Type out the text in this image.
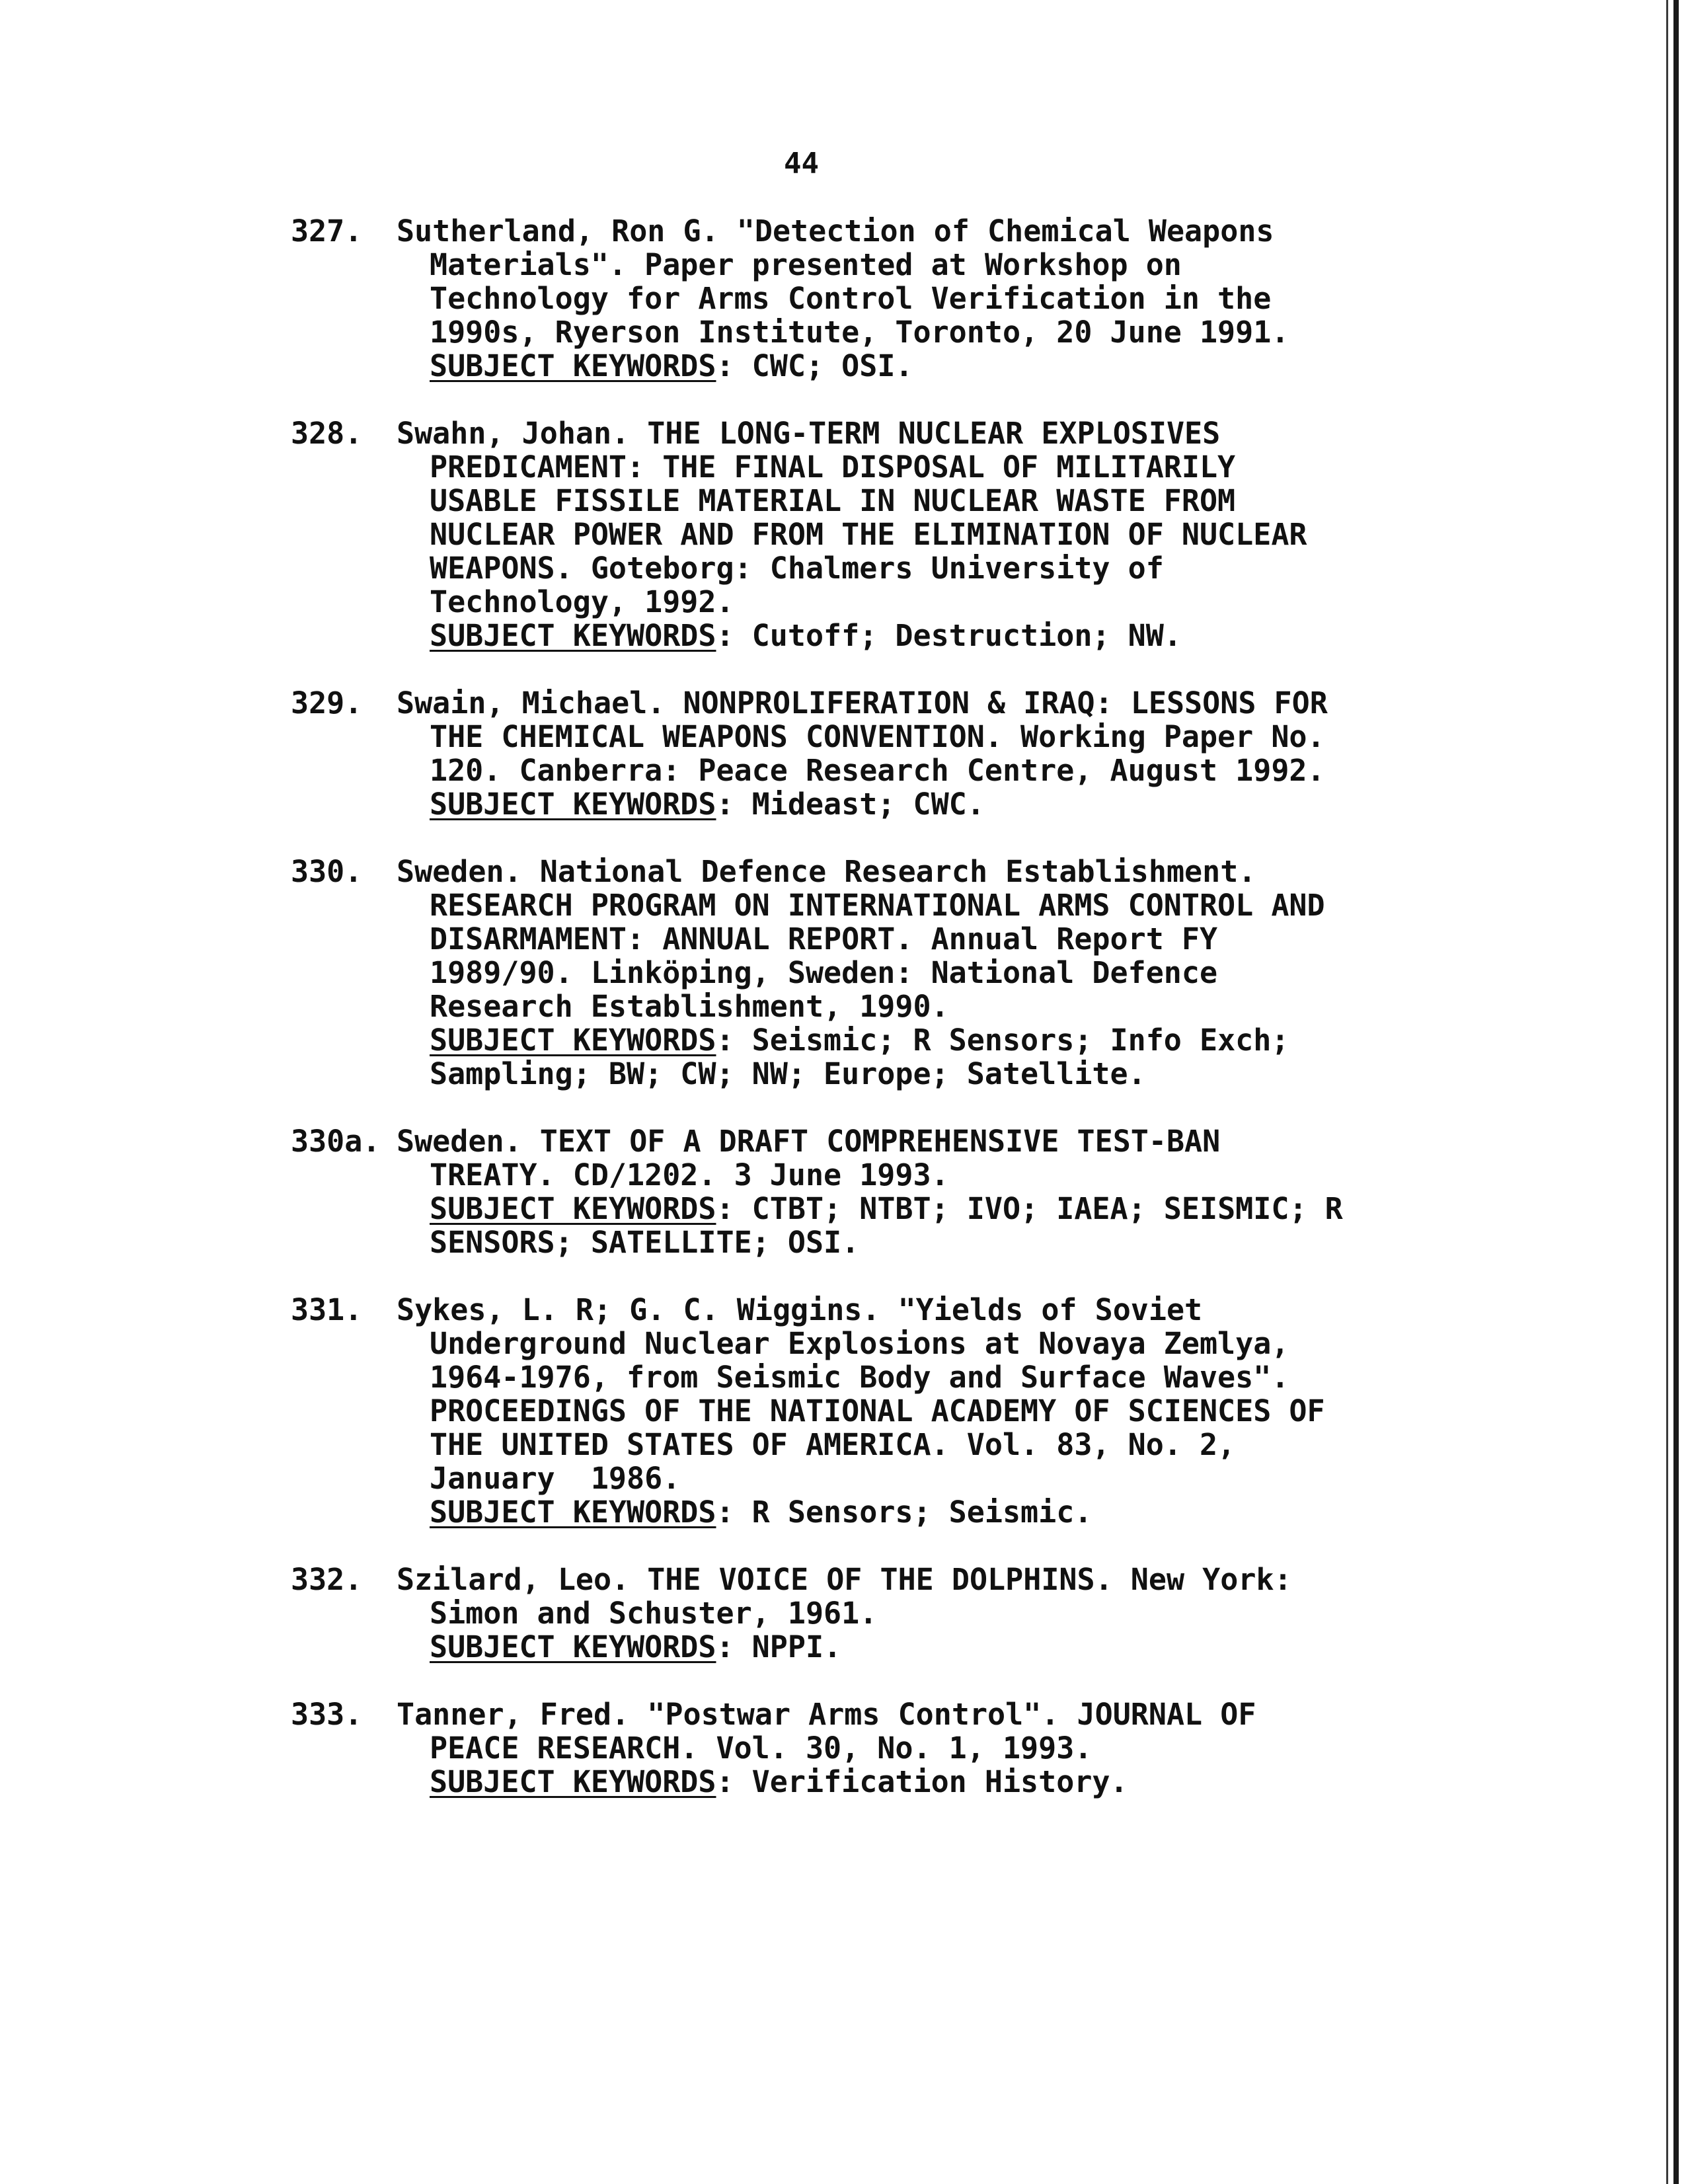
44
327.	Sutherland, Ron G. "Detection of Chemical Weapons
Materials". Paper presented at Workshop on
Technology for Arms Control Verification in the
1990s, Ryerson Institute, Toronto, 20 June 1991.
SUBJECT KEYWORDS: CWC; OSI.
328.	Swahn, Johan. THE LONG-TERM NUCLEAR EXPLOSIVES
PREDICAMENT: THE FINAL DISPOSAL OF MILITARILY
USABLE FISSILE MATERIAL IN NUCLEAR WASTE FROM
NUCLEAR POWER AND FROM THE ELIMINATION OF NUCLEAR
WEAPONS. Goteborg: Chalmers University of
Technology, 1992.
SUBJECT KEYWORDS: Cutoff; Destruction; NW.
329.	Swain, Michael. NONPROLIFERATION & IRAQ: LESSONS FOR
THE CHEMICAL WEAPONS CONVENTION. Working Paper No.
120. Canberra: Peace Research Centre, August 1992.
SUBJECT KEYWORDS: Mideast; CWC.
330.	Sweden. National Defence Research Establishment.
RESEARCH PROGRAM ON INTERNATIONAL ARMS CONTROL AND
DISARMAMENT: ANNUAL REPORT. Annual Report FY
1989/90. Linköping, Sweden: National Defence
Research Establishment, 1990.
SUBJECT KEYWORDS: Seismic; R Sensors; Info Exch;
Sampling; BW; CW; NW; Europe; Satellite.
330a. Sweden. TEXT OF A DRAFT COMPREHENSIVE TEST-BAN
TREATY. CD/1202. 3 June 1993.
SUBJECT KEYWORDS: CTBT; NTBT; IVO; IAEA; SEISMIC; R
SENSORS; SATELLITE; OSI.
331.	Sykes, L. R; G. C. Wiggins. "Yields of Soviet
Underground Nuclear Explosions at Novaya Zemlya,
1964-1976, from Seismic Body and Surface Waves".
PROCEEDINGS OF THE NATIONAL ACADEMY OF SCIENCES OF
THE UNITED STATES OF AMERICA. Vol. 83, No. 2,
January  1986.
SUBJECT KEYWORDS: R Sensors; Seismic.
332.	Szilard, Leo. THE VOICE OF THE DOLPHINS. New York:
Simon and Schuster, 1961.
SUBJECT KEYWORDS: NPPI.
333.	Tanner, Fred. "Postwar Arms Control". JOURNAL OF
PEACE RESEARCH. Vol. 30, No. 1, 1993.
SUBJECT KEYWORDS: Verification History.
